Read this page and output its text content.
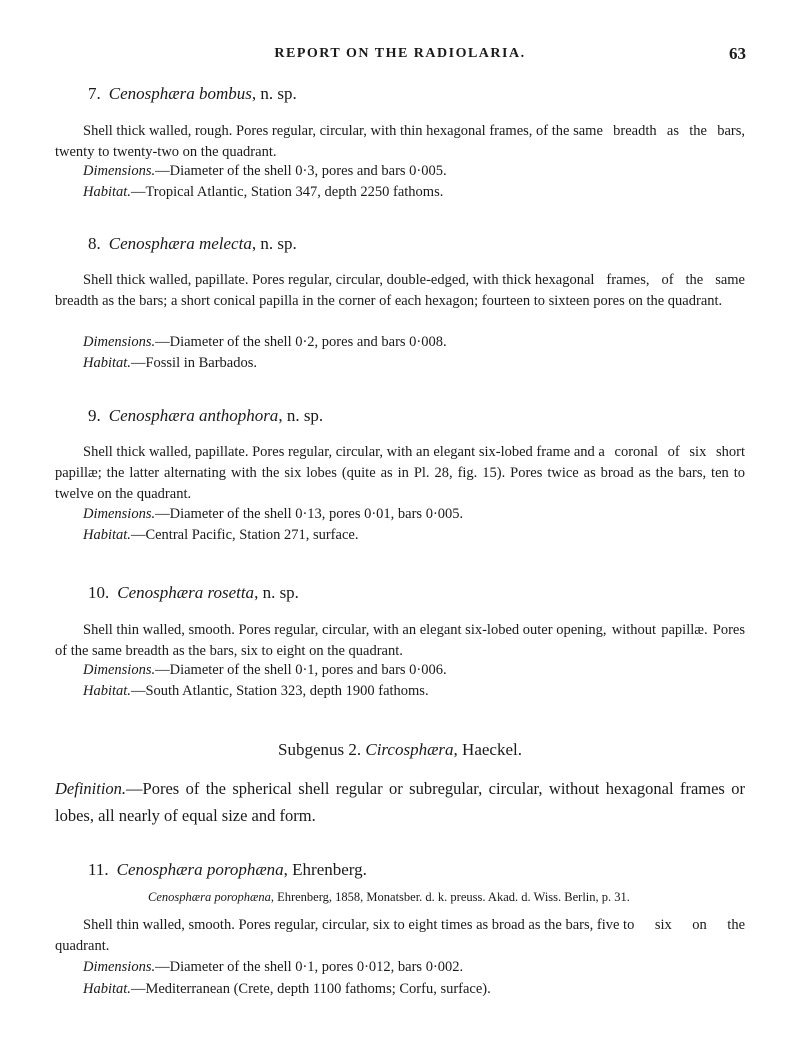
REPORT ON THE RADIOLARIA.	63
7. Cenosphæra bombus, n. sp.
Shell thick walled, rough. Pores regular, circular, with thin hexagonal frames, of the same breadth as the bars, twenty to twenty-two on the quadrant.
Dimensions.—Diameter of the shell 0·3, pores and bars 0·005.
Habitat.—Tropical Atlantic, Station 347, depth 2250 fathoms.
8. Cenosphæra melecta, n. sp.
Shell thick walled, papillate. Pores regular, circular, double-edged, with thick hexagonal frames, of the same breadth as the bars; a short conical papilla in the corner of each hexagon; fourteen to sixteen pores on the quadrant.
Dimensions.—Diameter of the shell 0·2, pores and bars 0·008.
Habitat.—Fossil in Barbados.
9. Cenosphæra anthophora, n. sp.
Shell thick walled, papillate. Pores regular, circular, with an elegant six-lobed frame and a coronal of six short papillæ; the latter alternating with the six lobes (quite as in Pl. 28, fig. 15). Pores twice as broad as the bars, ten to twelve on the quadrant.
Dimensions.—Diameter of the shell 0·13, pores 0·01, bars 0·005.
Habitat.—Central Pacific, Station 271, surface.
10. Cenosphæra rosetta, n. sp.
Shell thin walled, smooth. Pores regular, circular, with an elegant six-lobed outer opening, without papillæ. Pores of the same breadth as the bars, six to eight on the quadrant.
Dimensions.—Diameter of the shell 0·1, pores and bars 0·006.
Habitat.—South Atlantic, Station 323, depth 1900 fathoms.
Subgenus 2. Circosphæra, Haeckel.
Definition.—Pores of the spherical shell regular or subregular, circular, without hexagonal frames or lobes, all nearly of equal size and form.
11. Cenosphæra porophæna, Ehrenberg.
Cenosphæra porophæna, Ehrenberg, 1858, Monatsber. d. k. preuss. Akad. d. Wiss. Berlin, p. 31.
Shell thin walled, smooth. Pores regular, circular, six to eight times as broad as the bars, five to six on the quadrant.
Dimensions.—Diameter of the shell 0·1, pores 0·012, bars 0·002.
Habitat.—Mediterranean (Crete, depth 1100 fathoms; Corfu, surface).
